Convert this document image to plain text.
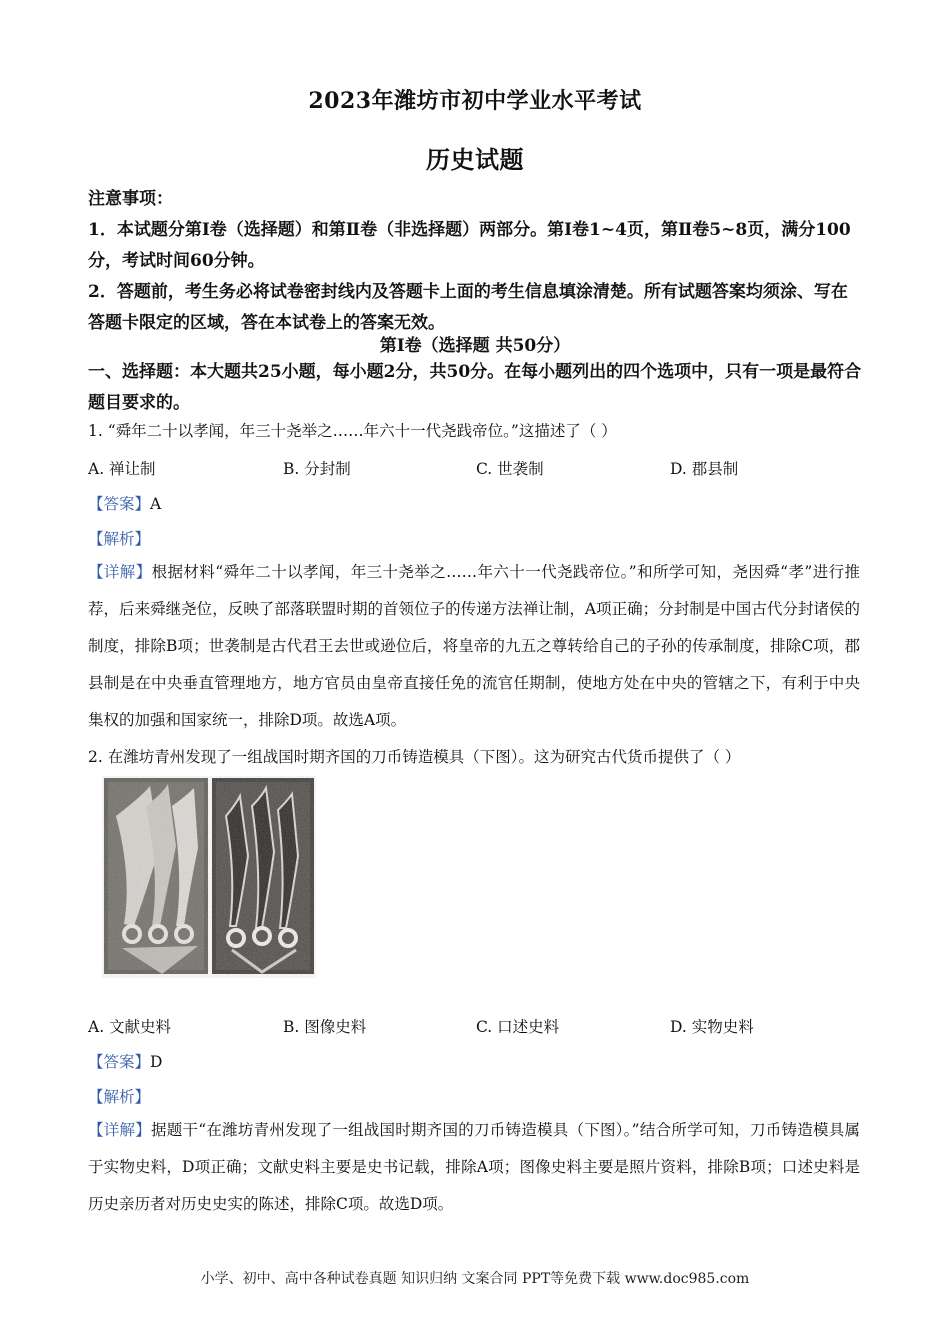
2023年潍坊市初中学业水平考试
历史试题
注意事项：
1．本试题分第Ⅰ卷（选择题）和第Ⅱ卷（非选择题）两部分。第Ⅰ卷1~4页，第Ⅱ卷5~8页，满分100分，考试时间60分钟。
2．答题前，考生务必将试卷密封线内及答题卡上面的考生信息填涂清楚。所有试题答案均须涂、写在答题卡限定的区域，答在本试卷上的答案无效。
第Ⅰ卷（选择题 共50分）
一、选择题：本大题共25小题，每小题2分，共50分。在每小题列出的四个选项中，只有一项是最符合题目要求的。
1. “舜年二十以孝闻，年三十尧举之……年六十一代尧践帝位。”这描述了（ ）
A. 禅让制	B. 分封制	C. 世袭制	D. 郡县制
【答案】A
【解析】
【详解】根据材料“舜年二十以孝闻，年三十尧举之……年六十一代尧践帝位。”和所学可知，尧因舜“孝”进行推荐，后来舜继尧位，反映了部落联盟时期的首领位子的传递方法禅让制，A项正确；分封制是中国古代分封诸侯的制度，排除B项；世袭制是古代君王去世或逊位后，将皇帝的九五之尊转给自己的子孙的传承制度，排除C项，郡县制是在中央垂直管理地方，地方官员由皇帝直接任免的流官任期制，使地方处在中央的管辖之下，有利于中央集权的加强和国家统一，排除D项。故选A项。
2. 在潍坊青州发现了一组战国时期齐国的刀币铸造模具（下图）。这为研究古代货币提供了（ ）
A. 文献史料	B. 图像史料	C. 口述史料	D. 实物史料
【答案】D
【解析】
【详解】据题干“在潍坊青州发现了一组战国时期齐国的刀币铸造模具（下图）。”结合所学可知，刀币铸造模具属于实物史料，D项正确；文献史料主要是史书记载，排除A项；图像史料主要是照片资料，排除B项；口述史料是历史亲历者对历史史实的陈述，排除C项。故选D项。
小学、初中、高中各种试卷真题 知识归纳 文案合同 PPT等免费下载 www.doc985.com
